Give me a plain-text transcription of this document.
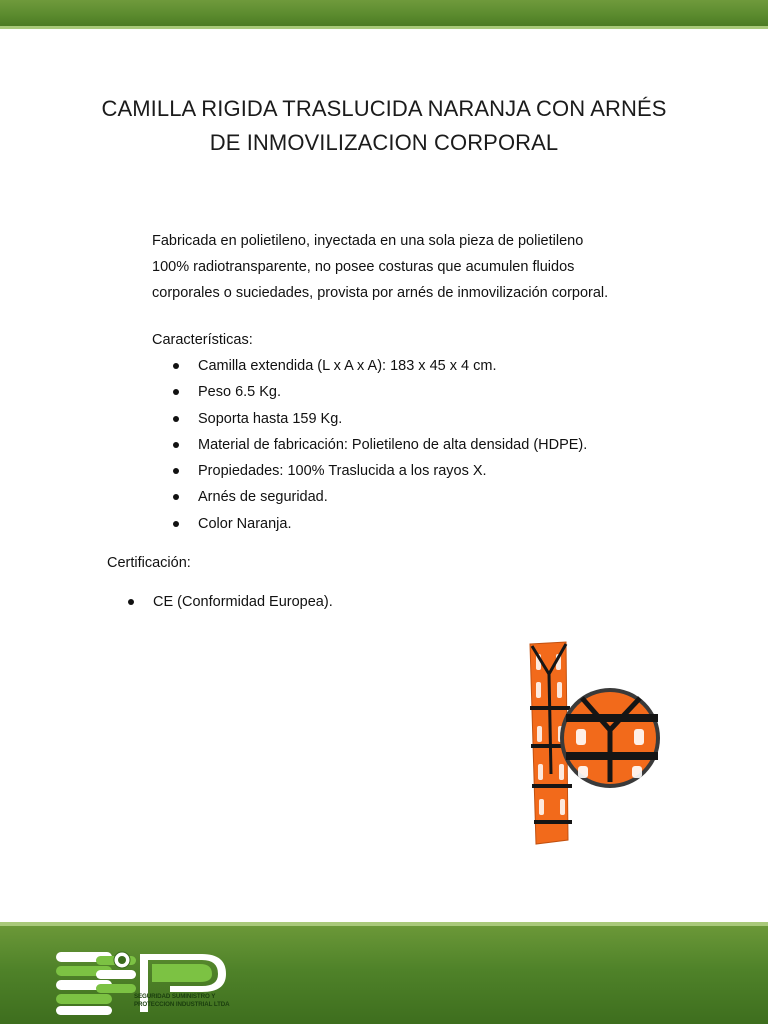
CAMILLA RIGIDA TRASLUCIDA NARANJA CON ARNÉS
DE INMOVILIZACION CORPORAL
Fabricada en polietileno, inyectada en una sola pieza de polietileno
100% radiotransparente, no posee costuras que acumulen fluidos
corporales o suciedades, provista por arnés de inmovilización corporal.
Características:
Camilla extendida (L x A x A): 183 x 45 x 4 cm.
Peso 6.5 Kg.
Soporta hasta 159 Kg.
Material de fabricación: Polietileno de alta densidad (HDPE).
Propiedades: 100% Traslucida a los rayos X.
Arnés de seguridad.
Color Naranja.
Certificación:
CE (Conformidad Europea).
SEGURIDAD SUMINISTRO Y
PROTECCION INDUSTRIAL LTDA
